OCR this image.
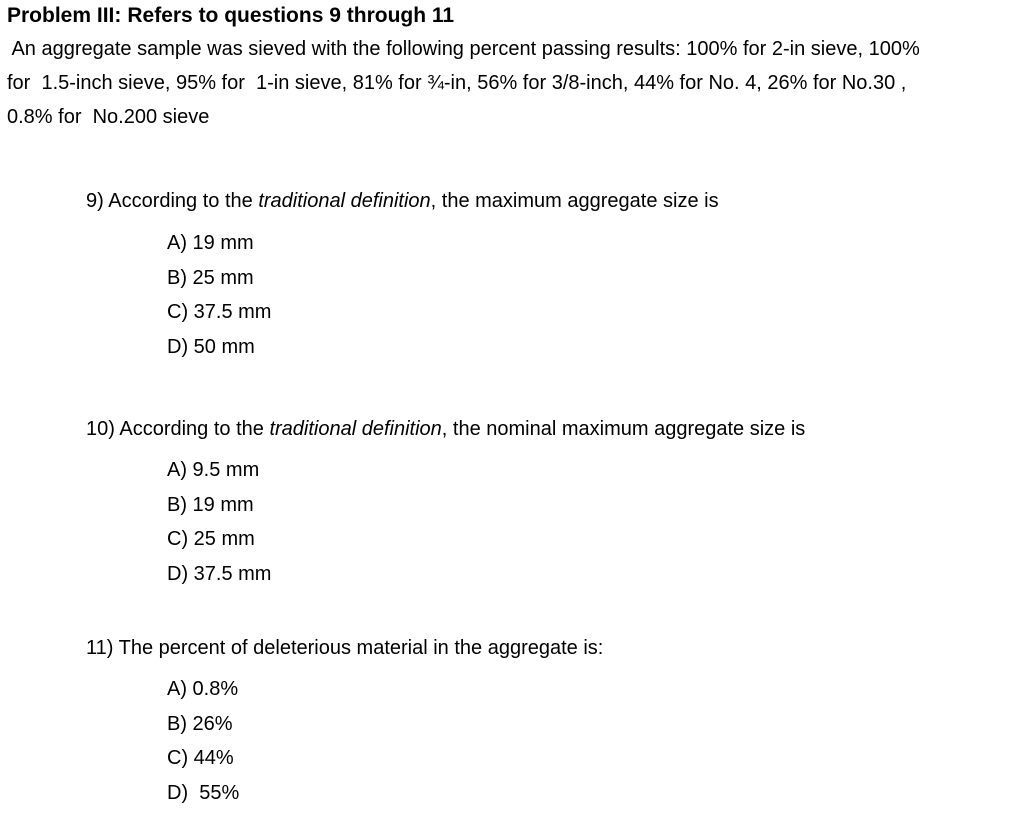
Problem III: Refers to questions 9 through 11
An aggregate sample was sieved with the following percent passing results: 100% for 2-in sieve, 100%
for  1.5-inch sieve, 95% for  1-in sieve, 81% for ¾-in, 56% for 3/8-inch, 44% for No. 4, 26% for No.30 ,
0.8% for  No.200 sieve
9) According to the traditional definition, the maximum aggregate size is
A) 19 mm
B) 25 mm
C) 37.5 mm
D) 50 mm
10) According to the traditional definition, the nominal maximum aggregate size is
A) 9.5 mm
B) 19 mm
C) 25 mm
D) 37.5 mm
11) The percent of deleterious material in the aggregate is:
A) 0.8%
B) 26%
C) 44%
D)  55%
